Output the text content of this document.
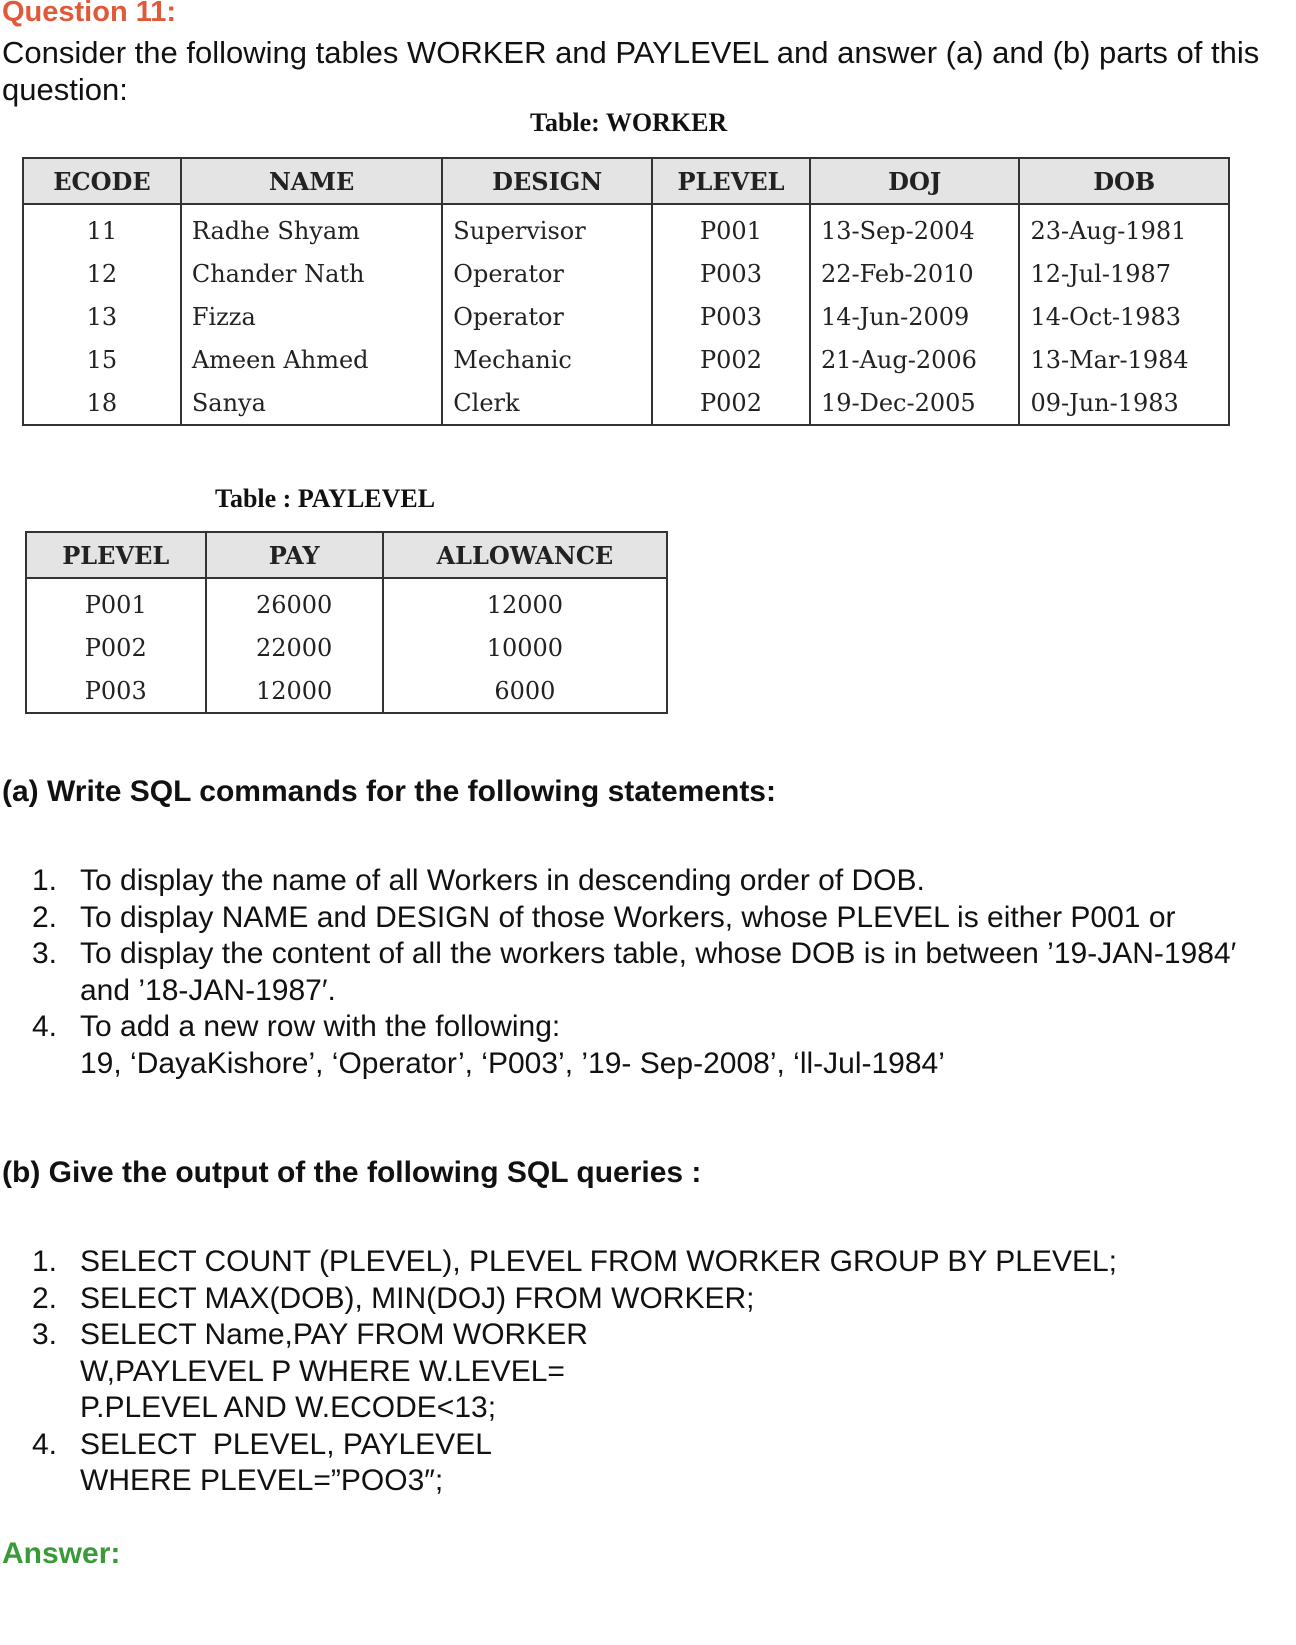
Question 11:

Consider the following tables WORKER and PAYLEVEL and answer (a) and (b) parts of this question:

Table: WORKER

ECODE	NAME	DESIGN	PLEVEL	DOJ	DOB
11	Radhe Shyam	Supervisor	P001	13-Sep-2004	23-Aug-1981
12	Chander Nath	Operator	P003	22-Feb-2010	12-Jul-1987
13	Fizza	Operator	P003	14-Jun-2009	14-Oct-1983
15	Ameen Ahmed	Mechanic	P002	21-Aug-2006	13-Mar-1984
18	Sanya	Clerk	P002	19-Dec-2005	09-Jun-1983

Table : PAYLEVEL

PLEVEL	PAY	ALLOWANCE
P001	26000	12000
P002	22000	10000
P003	12000	6000
(a) Write SQL commands for the following statements:
1. To display the name of all Workers in descending order of DOB.
2. To display NAME and DESIGN of those Workers, whose PLEVEL is either P001 or
3. To display the content of all the workers table, whose DOB is in between ’19-JAN-1984′ and ’18-JAN-1987′.
4. To add a new row with the following:
19, ‘DayaKishore’, ‘Operator’, ‘P003’, ’19- Sep-2008’, ‘ll-Jul-1984’
(b) Give the output of the following SQL queries :
1. SELECT COUNT (PLEVEL), PLEVEL FROM WORKER GROUP BY PLEVEL;
2. SELECT MAX(DOB), MIN(DOJ) FROM WORKER;
3. SELECT Name,PAY FROM WORKER
W,PAYLEVEL P WHERE W.LEVEL=
P.PLEVEL AND W.ECODE<13;
4. SELECT  PLEVEL, PAYLEVEL
WHERE PLEVEL=”POO3″;
Answer:
